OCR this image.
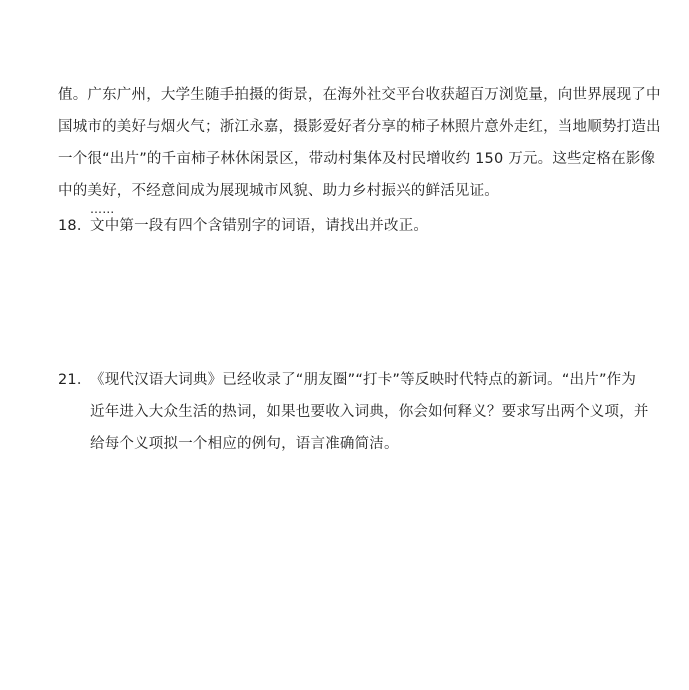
值。广东广州，大学生随手拍摄的街景，在海外社交平台收获超百万浏览量，向世界展现了中
国城市的美好与烟火气；浙江永嘉，摄影爱好者分享的柿子林照片意外走红，当地顺势打造出
一个很“出片”的千亩柿子林休闲景区，带动村集体及村民增收约 150 万元。这些定格在影像
中的美好，不经意间成为展现城市风貌、助力乡村振兴的鲜活见证。
……
18．
文中第一段有四个含错别字的词语，请找出并改正。
21．
《现代汉语大词典》已经收录了“朋友圈”“打卡”等反映时代特点的新词。“出片”作为
近年进入大众生活的热词，如果也要收入词典，你会如何释义？要求写出两个义项，并
给每个义项拟一个相应的例句，语言准确简洁。
